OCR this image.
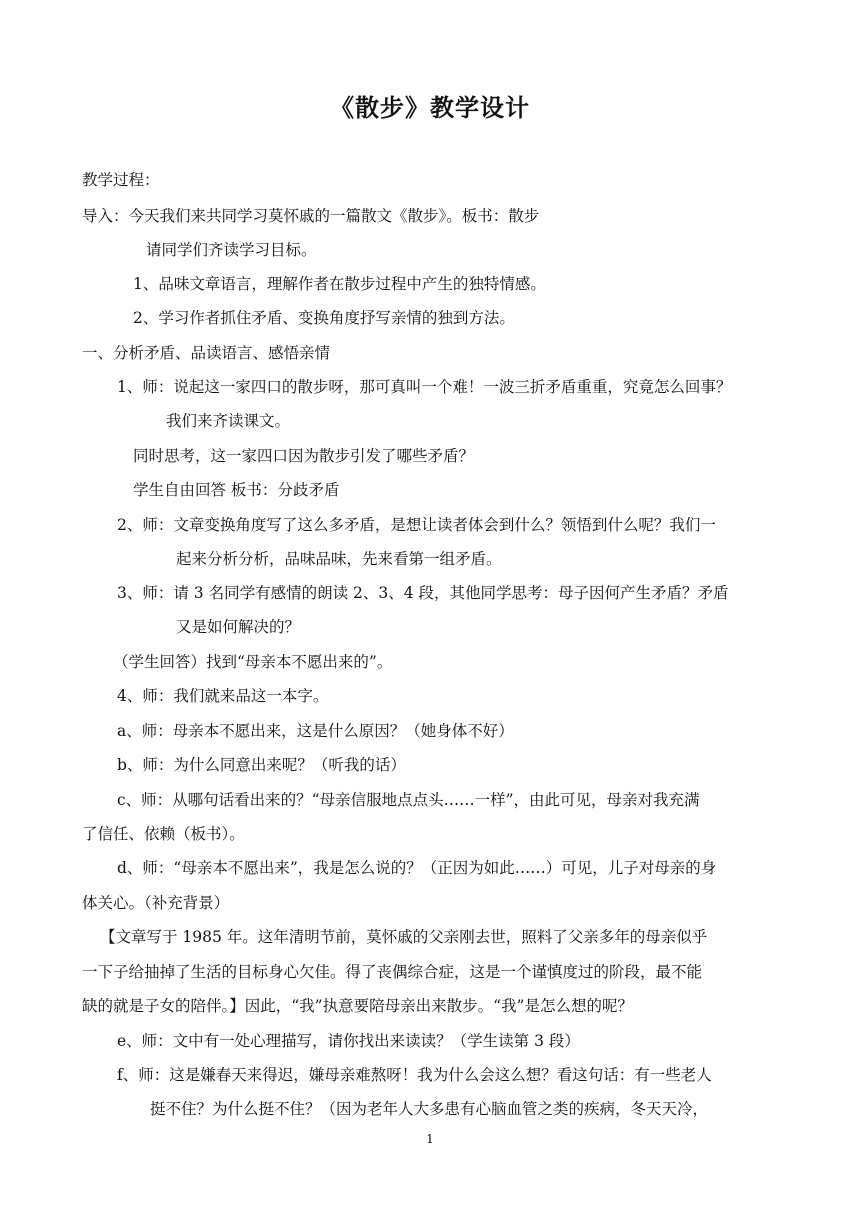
《散步》教学设计
教学过程：
导入：今天我们来共同学习莫怀戚的一篇散文《散步》。板书：散步
请同学们齐读学习目标。
1、品味文章语言，理解作者在散步过程中产生的独特情感。
2、学习作者抓住矛盾、变换角度抒写亲情的独到方法。
一、分析矛盾、品读语言、感悟亲情
1、师：说起这一家四口的散步呀，那可真叫一个难！一波三折矛盾重重，究竟怎么回事？
我们来齐读课文。
同时思考，这一家四口因为散步引发了哪些矛盾？
学生自由回答 板书：分歧矛盾
2、师：文章变换角度写了这么多矛盾，是想让读者体会到什么？领悟到什么呢？我们一
起来分析分析，品味品味，先来看第一组矛盾。
3、师：请 3 名同学有感情的朗读 2、3、4 段，其他同学思考：母子因何产生矛盾？矛盾
又是如何解决的？
（学生回答）找到“母亲本不愿出来的”。
4、师：我们就来品这一本字。
a、师：母亲本不愿出来，这是什么原因？（她身体不好）
b、师：为什么同意出来呢？（听我的话）
c、师：从哪句话看出来的？“母亲信服地点点头……一样”，由此可见，母亲对我充满
了信任、依赖（板书）。
d、师：“母亲本不愿出来”，我是怎么说的？（正因为如此……）可见，儿子对母亲的身
体关心。（补充背景）
【文章写于 1985 年。这年清明节前，莫怀戚的父亲刚去世，照料了父亲多年的母亲似乎
一下子给抽掉了生活的目标身心欠佳。得了丧偶综合症，这是一个谨慎度过的阶段，最不能
缺的就是子女的陪伴。】因此，“我”执意要陪母亲出来散步。“我”是怎么想的呢？
e、师：文中有一处心理描写，请你找出来读读？（学生读第 3 段）
f、师：这是嫌春天来得迟，嫌母亲难熬呀！我为什么会这么想？看这句话：有一些老人
挺不住？为什么挺不住？（因为老年人大多患有心脑血管之类的疾病，冬天天冷，
1
